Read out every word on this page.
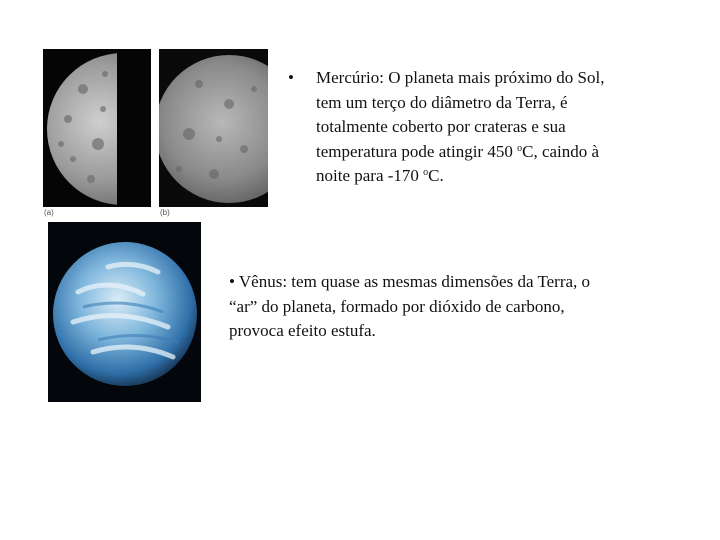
(a)	(b)
• Mercúrio: O planeta mais próximo do Sol,
tem um terço do diâmetro da Terra, é
totalmente coberto por crateras e sua
temperatura pode atingir 450 $^o$C, caindo à
noite para -170 $^o$C.
• Vênus: tem quase as mesmas dimensões da Terra, o
“ar” do planeta, formado por dióxido de carbono,
provoca efeito estufa.
